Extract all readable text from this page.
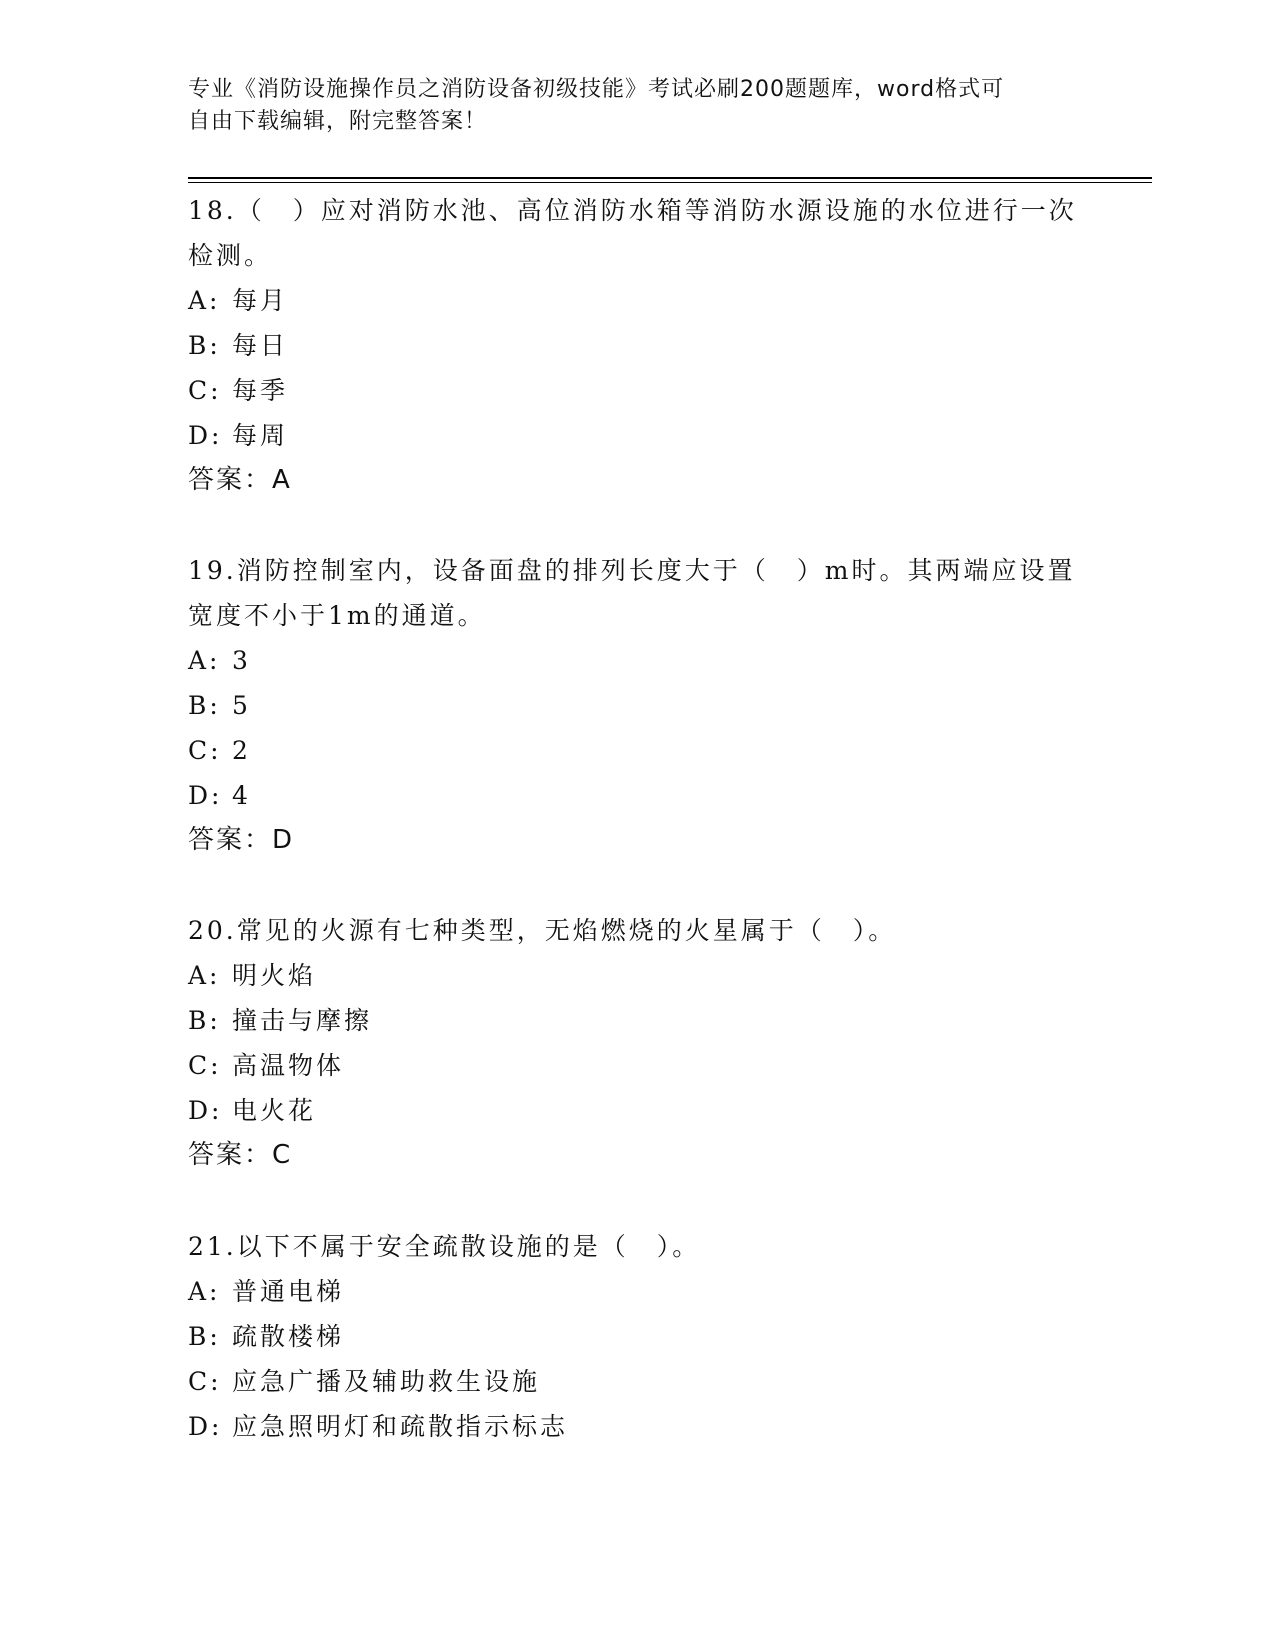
专业《消防设施操作员之消防设备初级技能》考试必刷200题题库，word格式可
自由下载编辑，附完整答案！

18.（　）应对消防水池、高位消防水箱等消防水源设施的水位进行一次检测。

A: 每月
B: 每日
C: 每季
D: 每周
答案：A

19.消防控制室内，设备面盘的排列长度大于（　）m时。其两端应设置宽度不小于1m的通道。

A: 3
B: 5
C: 2
D: 4
答案：D

20.常见的火源有七种类型，无焰燃烧的火星属于（　）。

A: 明火焰
B: 撞击与摩擦
C: 高温物体
D: 电火花
答案：C

21.以下不属于安全疏散设施的是（　）。

A: 普通电梯
B: 疏散楼梯
C: 应急广播及辅助救生设施
D: 应急照明灯和疏散指示标志
